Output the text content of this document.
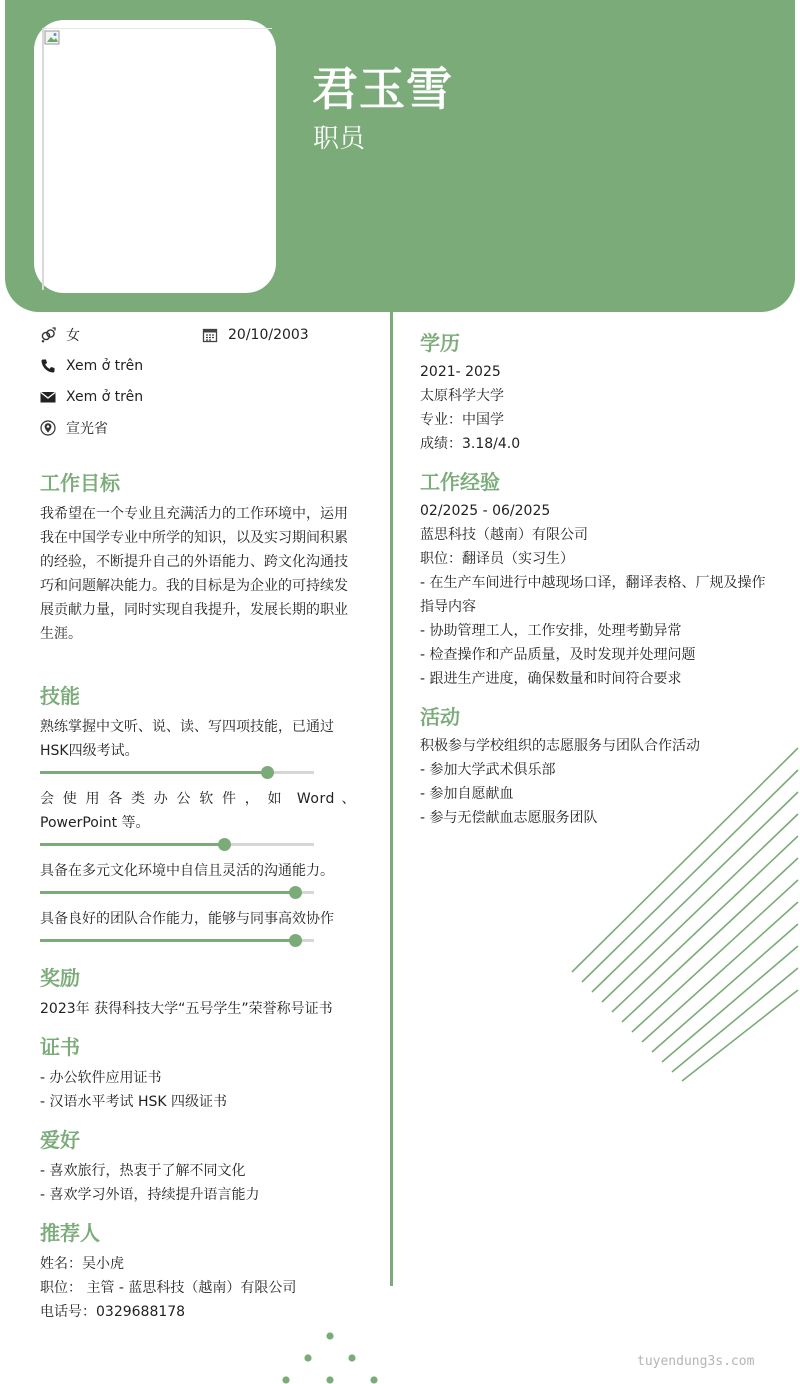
君玉雪
职员
女	20/10/2003
Xem ở trên
Xem ở trên
宣光省
工作目标
我希望在一个专业且充满活力的工作环境中，运用
我在中国学专业中所学的知识，以及实习期间积累
的经验，不断提升自己的外语能力、跨文化沟通技
巧和问题解决能力。我的目标是为企业的可持续发
展贡献力量，同时实现自我提升，发展长期的职业
生涯。
技能
熟练掌握中文听、说、读、写四项技能，已通过HSK四级考试。
会 使 用 各 类 办 公 软 件 ， 如  Word 、
PowerPoint 等。
具备在多元文化环境中自信且灵活的沟通能力。
具备良好的团队合作能力，能够与同事高效协作
奖励
2023年 获得科技大学“五号学生”荣誉称号证书
证书
- 办公软件应用证书
- 汉语水平考试 HSK 四级证书
爱好
- 喜欢旅行，热衷于了解不同文化
- 喜欢学习外语，持续提升语言能力
推荐人
姓名：吴小虎
职位： 主管 - 蓝思科技（越南）有限公司
电话号：0329688178
学历
2021- 2025
太原科学大学
专业：中国学
成绩：3.18/4.0
工作经验
02/2025 - 06/2025
蓝思科技（越南）有限公司
职位：翻译员（实习生）
- 在生产车间进行中越现场口译，翻译表格、厂规及操作
指导内容
- 协助管理工人，工作安排，处理考勤异常
- 检查操作和产品质量，及时发现并处理问题
- 跟进生产进度，确保数量和时间符合要求
活动
积极参与学校组织的志愿服务与团队合作活动
- 参加大学武术俱乐部
- 参加自愿献血
- 参与无偿献血志愿服务团队
tuyendung3s.com
